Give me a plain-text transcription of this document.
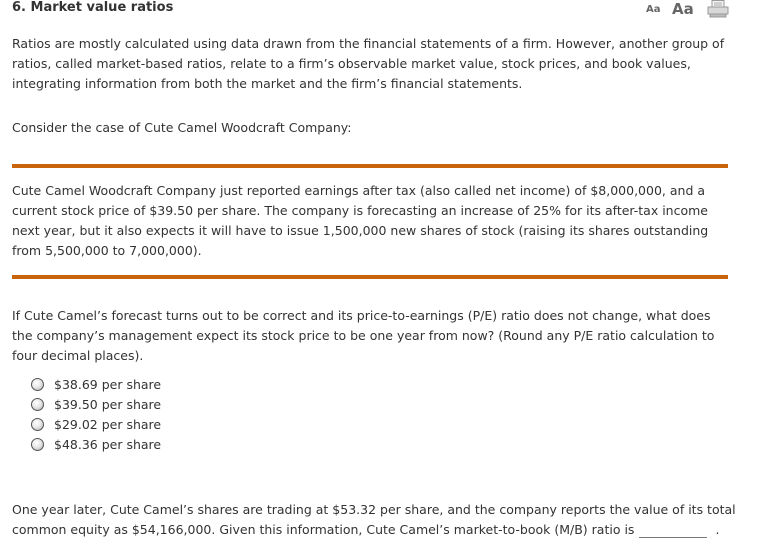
6. Market value ratios	Aa Aa

Ratios are mostly calculated using data drawn from the financial statements of a firm. However, another group of ratios, called market-based ratios, relate to a firm’s observable market value, stock prices, and book values, integrating information from both the market and the firm’s financial statements.

Consider the case of Cute Camel Woodcraft Company:

Cute Camel Woodcraft Company just reported earnings after tax (also called net income) of $8,000,000, and a current stock price of $39.50 per share. The company is forecasting an increase of 25% for its after-tax income next year, but it also expects it will have to issue 1,500,000 new shares of stock (raising its shares outstanding from 5,500,000 to 7,000,000).

If Cute Camel’s forecast turns out to be correct and its price-to-earnings (P/E) ratio does not change, what does the company’s management expect its stock price to be one year from now? (Round any P/E ratio calculation to four decimal places).

$38.69 per share
$39.50 per share
$29.02 per share
$48.36 per share

One year later, Cute Camel’s shares are trading at $53.32 per share, and the company reports the value of its total common equity as $54,166,000. Given this information, Cute Camel’s market-to-book (M/B) ratio is	.
